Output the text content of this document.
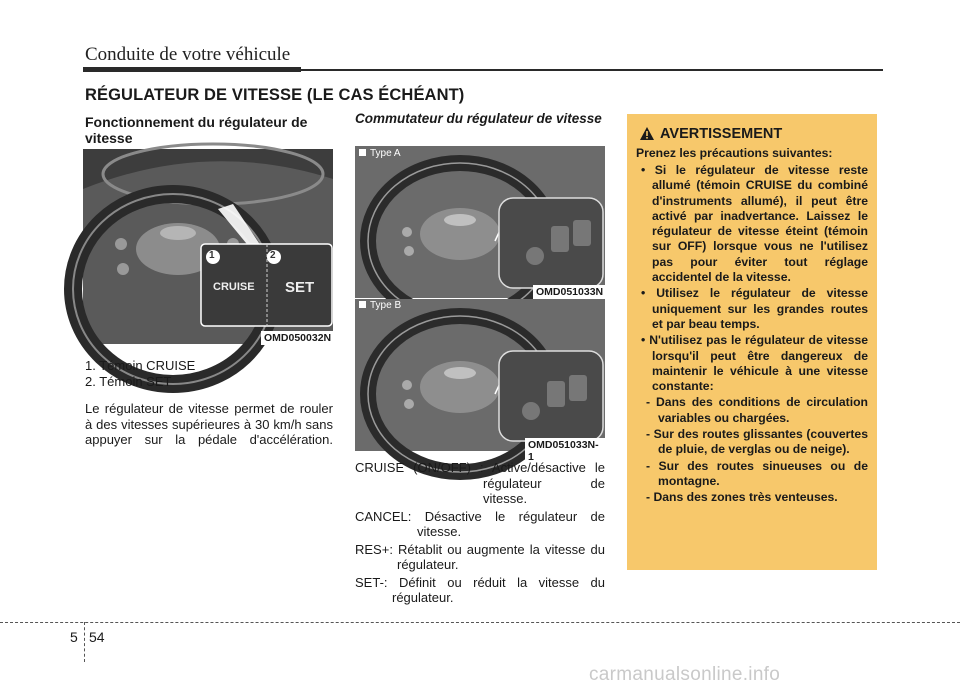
Conduite de votre véhicule
RÉGULATEUR DE VITESSE (LE CAS ÉCHÉANT)
Fonctionnement du régulateur de vitesse
1	2
CRUISE SET
OMD050032N
1. Témoin CRUISE
2. Témoin SET
Le régulateur de vitesse permet de rouler à des vitesses supérieures à 30 km/h sans appuyer sur la pédale d'accélération.
Commutateur du régulateur de vitesse
Type A
OMD051033N
Type B
OMD051033N-1
CRUISE (ON/OFF) : Active/désactive le régulateur de vitesse.
CANCEL: Désactive le régulateur de vitesse.
RES+: Rétablit ou augmente la vitesse du régulateur.
SET-: Définit ou réduit la vitesse du régulateur.
AVERTISSEMENT
Prenez les précautions suivantes:
• Si le régulateur de vitesse reste allumé (témoin CRUISE du combiné d'instruments allumé), il peut être activé par inadvertance. Laissez le régulateur de vitesse éteint (témoin sur OFF) lorsque vous ne l'utilisez pas pour éviter tout réglage accidentel de la vitesse.
• Utilisez le régulateur de vitesse uniquement sur les grandes routes et par beau temps.
• N'utilisez pas le régulateur de vitesse lorsqu'il peut être dangereux de maintenir le véhicule à une vitesse constante:
- Dans des conditions de circulation variables ou chargées.
- Sur des routes glissantes (couvertes de pluie, de verglas ou de neige).
- Sur des routes sinueuses ou de montagne.
- Dans des zones très venteuses.
5 54
carmanualsonline.info
